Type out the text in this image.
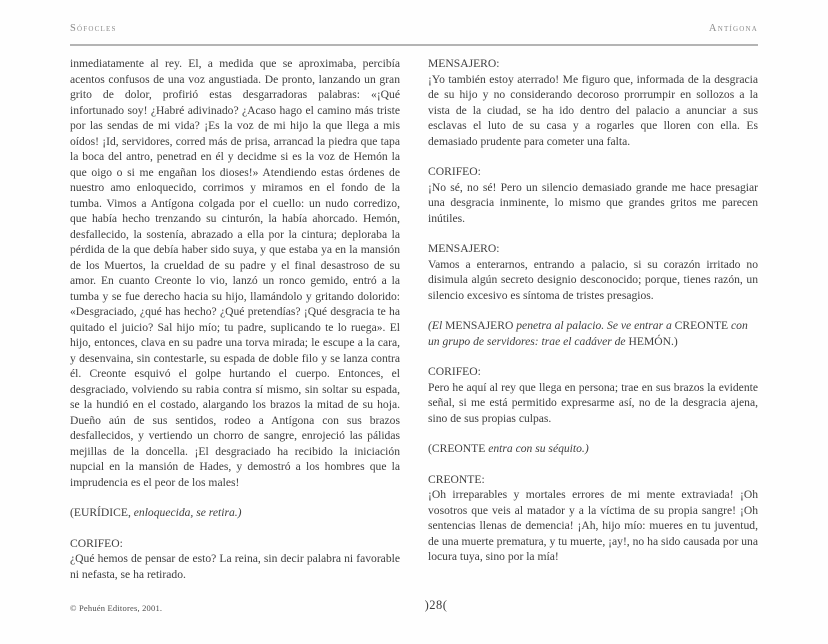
Sófocles	Antígona

inmediatamente al rey. El, a medida que se aproximaba, percibía acentos confusos de una voz angustiada. De pronto, lanzando un gran grito de dolor, profirió estas desgarradoras palabras: «¡Qué infortunado soy! ¿Habré adivinado? ¿Acaso hago el camino más triste por las sendas de mi vida? ¡Es la voz de mi hijo la que llega a mis oídos! ¡Id, servidores, corred más de prisa, arrancad la piedra que tapa la boca del antro, penetrad en él y decidme si es la voz de Hemón la que oigo o si me engañan los dioses!» Atendiendo estas órdenes de nuestro amo enloquecido, corrimos y miramos en el fondo de la tumba. Vimos a Antígona colgada por el cuello: un nudo corredizo, que había hecho trenzando su cinturón, la había ahorcado. Hemón, desfallecido, la sostenía, abrazado a ella por la cintura; deploraba la pérdida de la que debía haber sido suya, y que estaba ya en la mansión de los Muertos, la crueldad de su padre y el final desastroso de su amor. En cuanto Creonte lo vio, lanzó un ronco gemido, entró a la tumba y se fue derecho hacia su hijo, llamándolo y gritando dolorido: «Desgraciado, ¿qué has hecho? ¿Qué pretendías? ¡Qué desgracia te ha quitado el juicio? Sal hijo mío; tu padre, suplicando te lo ruega». El hijo, entonces, clava en su padre una torva mirada; le escupe a la cara, y desenvaina, sin contestarle, su espada de doble filo y se lanza contra él. Creonte esquivó el golpe hurtando el cuerpo. Entonces, el desgraciado, volviendo su rabia contra sí mismo, sin soltar su espada, se la hundió en el costado, alargando los brazos la mitad de su hoja. Dueño aún de sus sentidos, rodeo a Antígona con sus brazos desfallecidos, y vertiendo un chorro de sangre, enrojeció las pálidas mejillas de la doncella. ¡El desgraciado ha recibido la iniciación nupcial en la mansión de Hades, y demostró a los hombres que la imprudencia es el peor de los males!

(EURÍDICE, enloquecida, se retira.)

CORIFEO:

¿Qué hemos de pensar de esto? La reina, sin decir palabra ni favorable ni nefasta, se ha retirado.

MENSAJERO:

¡Yo también estoy aterrado! Me figuro que, informada de la desgracia de su hijo y no considerando decoroso prorrumpir en sollozos a la vista de la ciudad, se ha ido dentro del palacio a anunciar a sus esclavas el luto de su casa y a rogarles que lloren con ella. Es demasiado prudente para cometer una falta.

CORIFEO:

¡No sé, no sé! Pero un silencio demasiado grande me hace presagiar una desgracia inminente, lo mismo que grandes gritos me parecen inútiles.

MENSAJERO:

Vamos a enterarnos, entrando a palacio, si su corazón irritado no disimula algún secreto designio desconocido; porque, tienes razón, un silencio excesivo es síntoma de tristes presagios.

(El MENSAJERO penetra al palacio. Se ve entrar a CREONTE con un grupo de servidores: trae el cadáver de HEMÓN.)

CORIFEO:

Pero he aquí al rey que llega en persona; trae en sus brazos la evidente señal, si me está permitido expresarme así, no de la desgracia ajena, sino de sus propias culpas.

(CREONTE entra con su séquito.)

CREONTE:

¡Oh irreparables y mortales errores de mi mente extraviada! ¡Oh vosotros que veis al matador y a la víctima de su propia sangre! ¡Oh sentencias llenas de demencia! ¡Ah, hijo mío: mueres en tu juventud, de una muerte prematura, y tu muerte, ¡ay!, no ha sido causada por una locura tuya, sino por la mía!

© Pehuén Editores, 2001.	)28(
